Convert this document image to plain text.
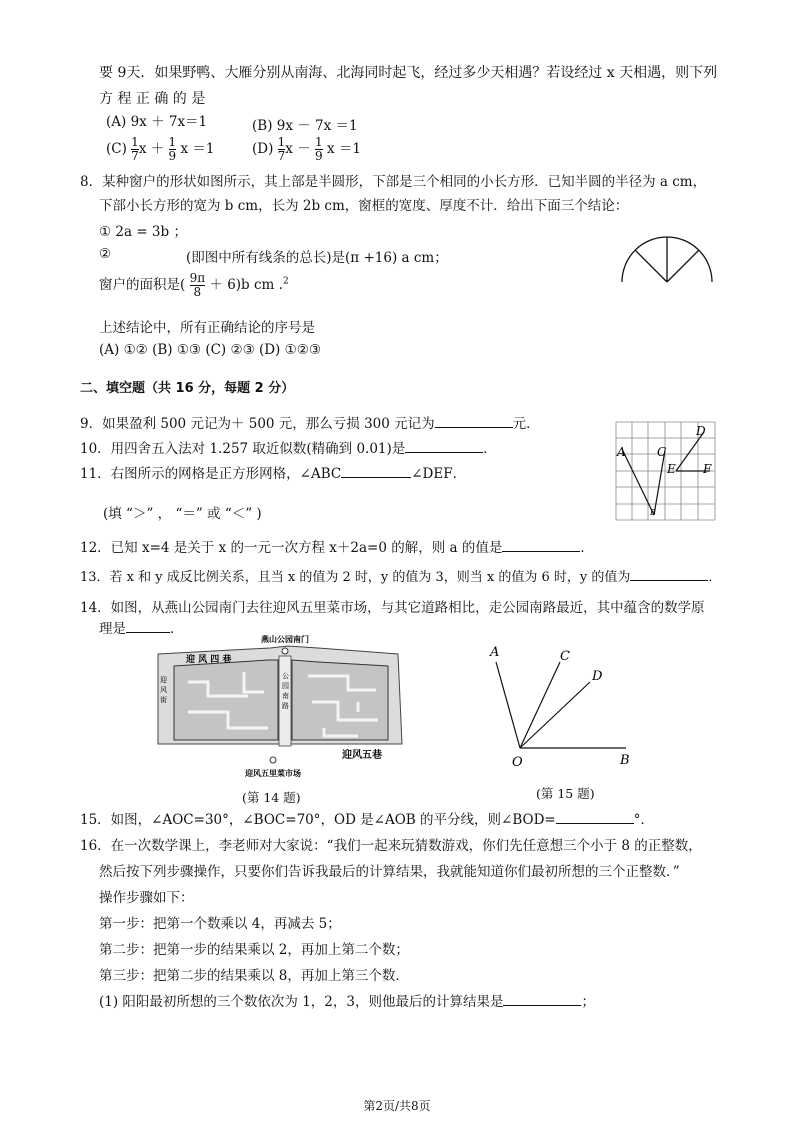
要 9天．如果野鸭、大雁分别从南海、北海同时起飞，经过多少天相遇？若设经过 x 天相遇，则下列
方 程 正 确 的 是
(A) 9x ＋ 7x＝1	(B) 9x － 7x ＝1
$(C) \frac{1}{7}$ $x + \frac{1}{9}$ x ＝1	$(D) \frac{1}{7}$ $x - \frac{1}{9}$ x ＝1
8．某种窗户的形状如图所示，其上部是半圆形，下部是三个相同的小长方形．已知半圆的半径为 a cm，
下部小长方形的宽为 b cm，长为 2b cm，窗框的宽度、厚度不计．给出下面三个结论：
① 2a = 3b ；
②	(即图中所有线条的总长)是(π +16) a cm；
窗户的面积是( $\frac{9\pi}{8} + 6)b$ cm .$^2$
上述结论中，所有正确结论的序号是
(A) ①② (B) ①③ (C) ②③ (D) ①②③
二、填空题（共 16 分，每题 2 分）
9．如果盈利 500 元记为＋ 500 元，那么亏损 300 元记为	元．
10．用四舍五入法对 1.257 取近似数(精确到 0.01)是	．
11．右图所示的网格是正方形网格，∠ABC	∠DEF．
(填 “＞” ， “＝” 或 “＜” )
A	C
D
E F
B
12．已知 x=4 是关于 x 的一元一次方程 x＋2a=0 的解，则 a 的值是	．
13．若 x 和 y 成反比例关系，且当 x 的值为 2 时，y 的值为 3，则当 x 的值为 6 时，y 的值为	．
14．如图，从燕山公园南门去往迎风五里菜市场，与其它道路相比，走公园南路最近，其中蕴含的数学原
理是	．
燕山公园南门
迎 风 四 巷
迎风五巷
迎
风
街
公
园
南
路
迎风五里菜市场
(第 14 题)
A	C
D
O	B
(第 15 题)
15．如图，∠AOC=30°，∠BOC=70°，OD 是∠AOB 的平分线，则∠BOD=	°．
16．在一次数学课上，李老师对大家说：“我们一起来玩猜数游戏，你们先任意想三个小于 8 的正整数，
然后按下列步骤操作，只要你们告诉我最后的计算结果，我就能知道你们最初所想的三个正整数．”
操作步骤如下：
第一步：把第一个数乘以 4，再减去 5；
第二步：把第一步的结果乘以 2，再加上第二个数；
第三步：把第二步的结果乘以 8，再加上第三个数．
(1) 阳阳最初所想的三个数依次为 1，2，3，则他最后的计算结果是	；
第2页/共8页
